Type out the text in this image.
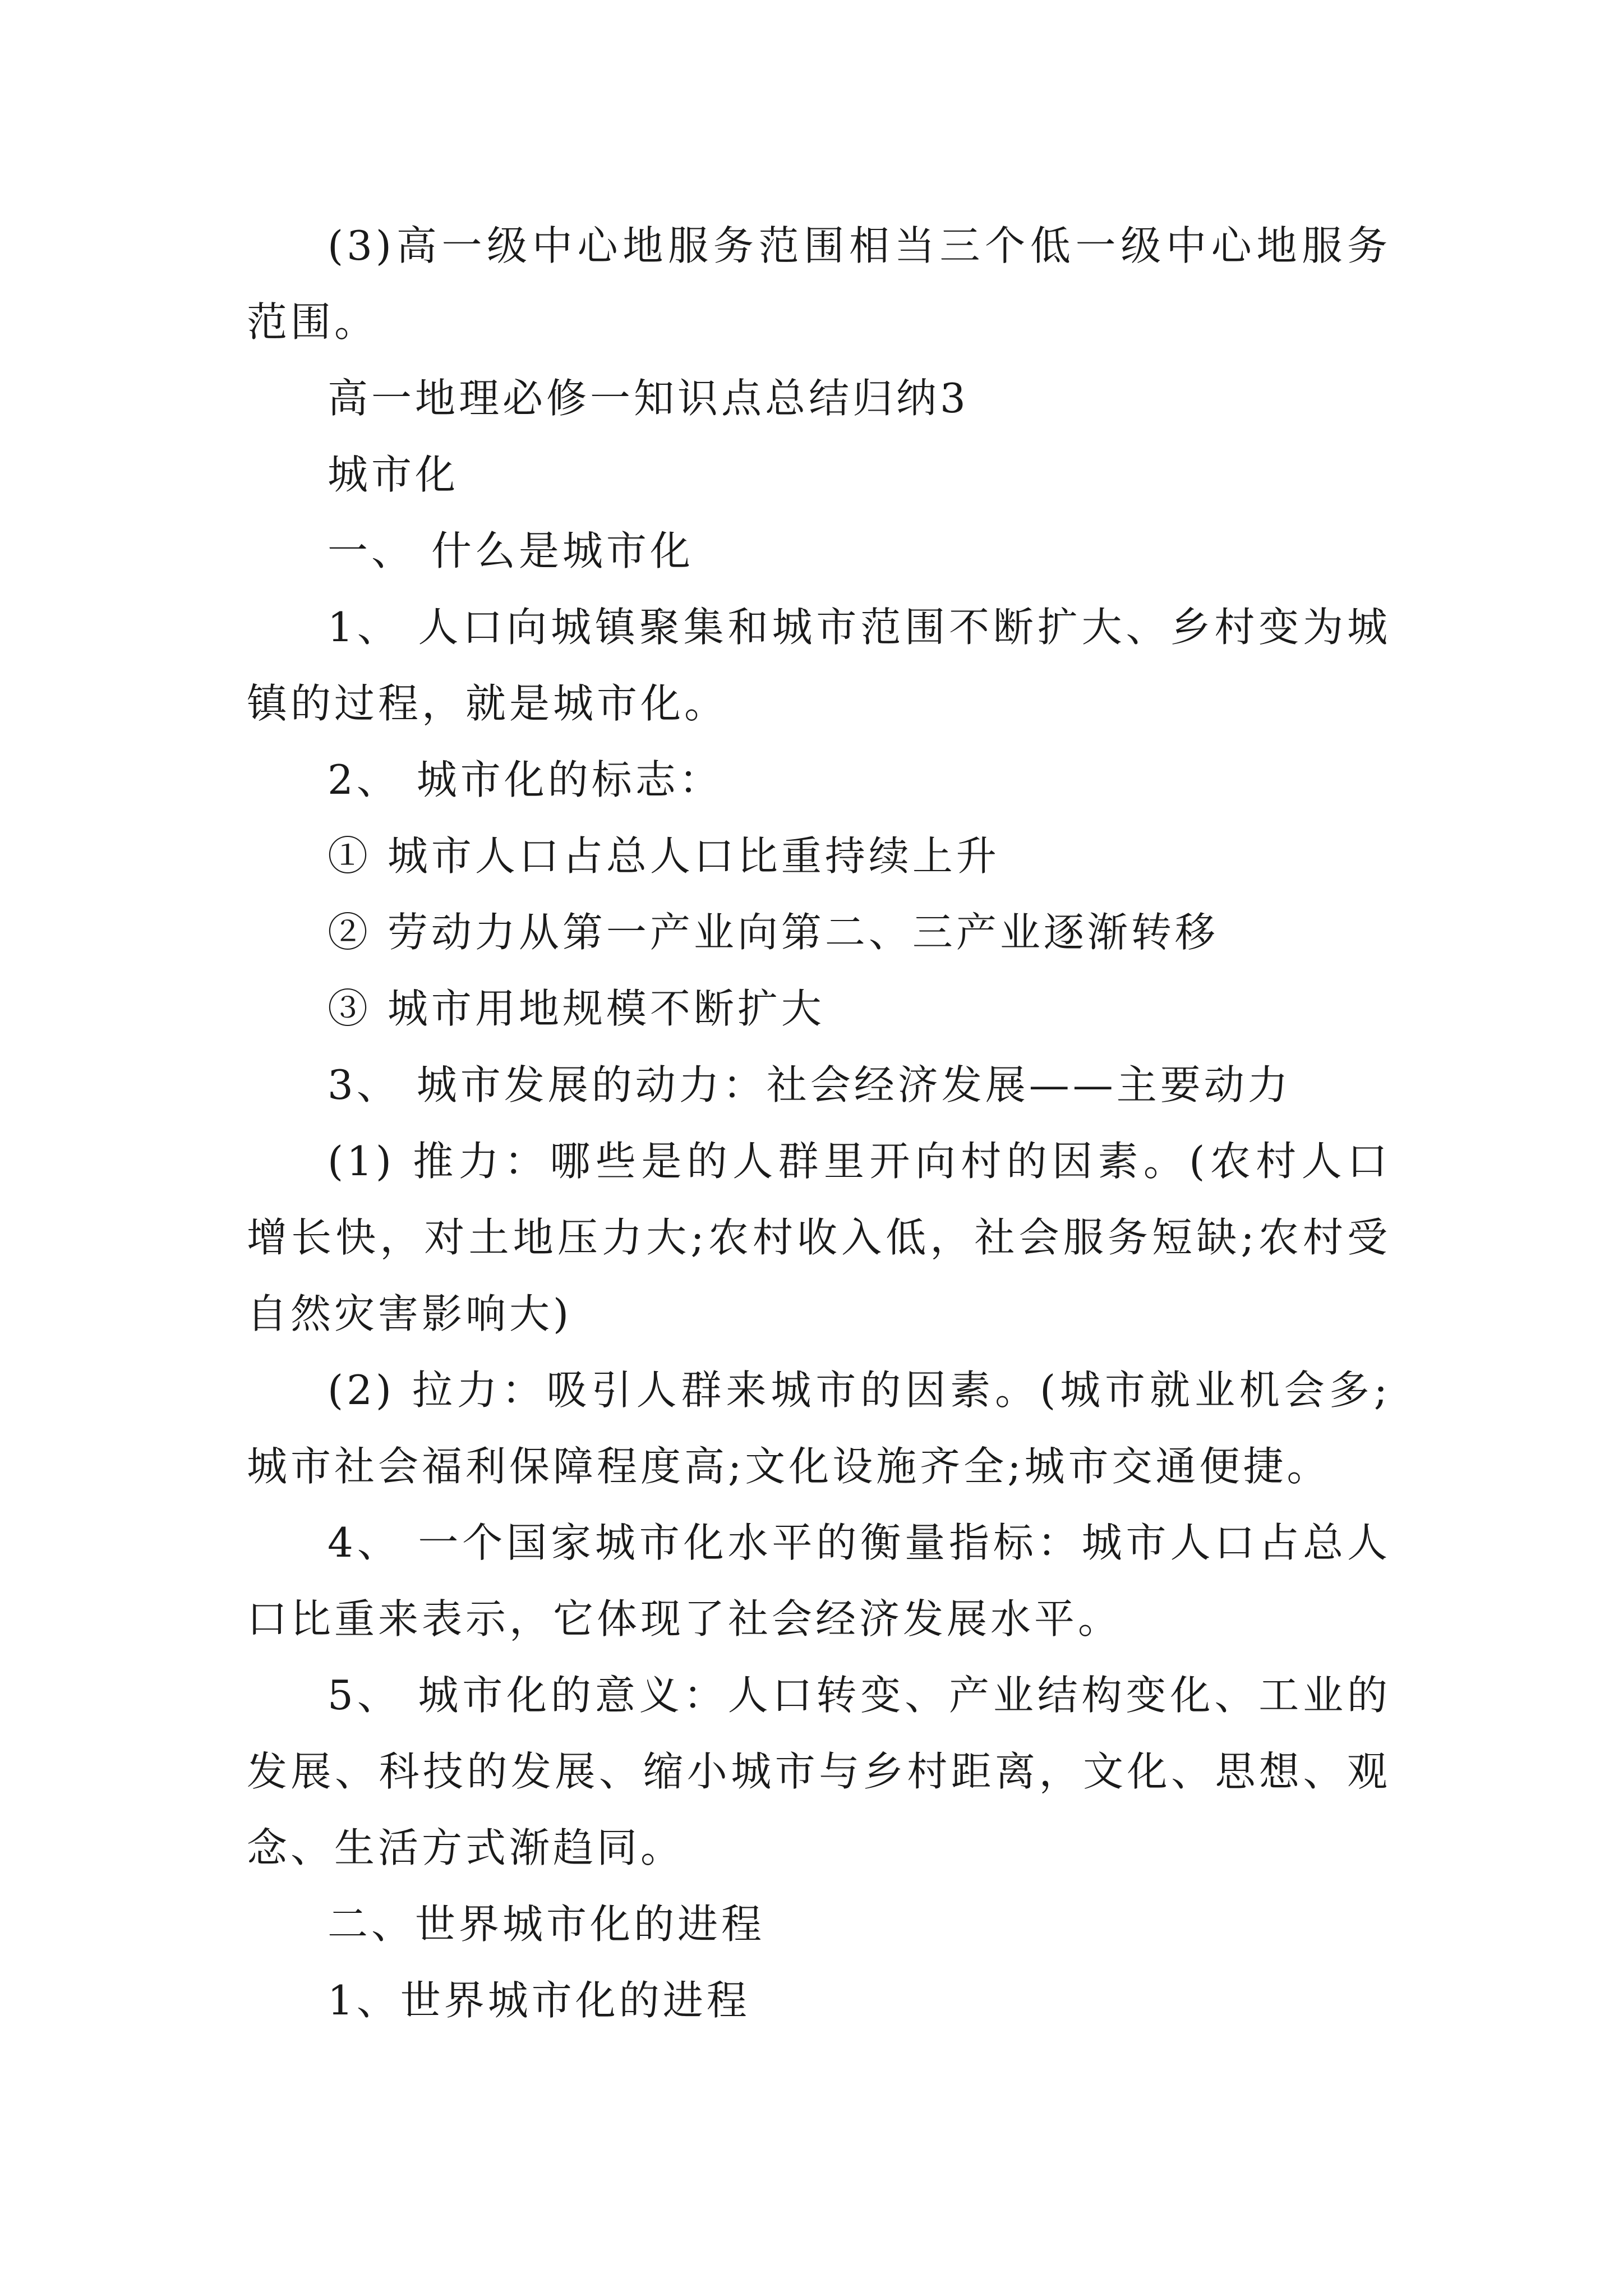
(3)高一级中心地服务范围相当三个低一级中心地服务范围。

高一地理必修一知识点总结归纳3

城市化

一、 什么是城市化

1、 人口向城镇聚集和城市范围不断扩大、乡村变为城镇的过程，就是城市化。

2、 城市化的标志：

① 城市人口占总人口比重持续上升

② 劳动力从第一产业向第二、三产业逐渐转移

③ 城市用地规模不断扩大

3、 城市发展的动力：社会经济发展——主要动力

(1) 推力：哪些是的人群里开向村的因素。(农村人口增长快，对土地压力大;农村收入低，社会服务短缺;农村受自然灾害影响大)

(2) 拉力：吸引人群来城市的因素。(城市就业机会多;城市社会福利保障程度高;文化设施齐全;城市交通便捷。

4、 一个国家城市化水平的衡量指标：城市人口占总人口比重来表示，它体现了社会经济发展水平。

5、 城市化的意义：人口转变、产业结构变化、工业的发展、科技的发展、缩小城市与乡村距离，文化、思想、观念、生活方式渐趋同。

二、世界城市化的进程

1、世界城市化的进程
